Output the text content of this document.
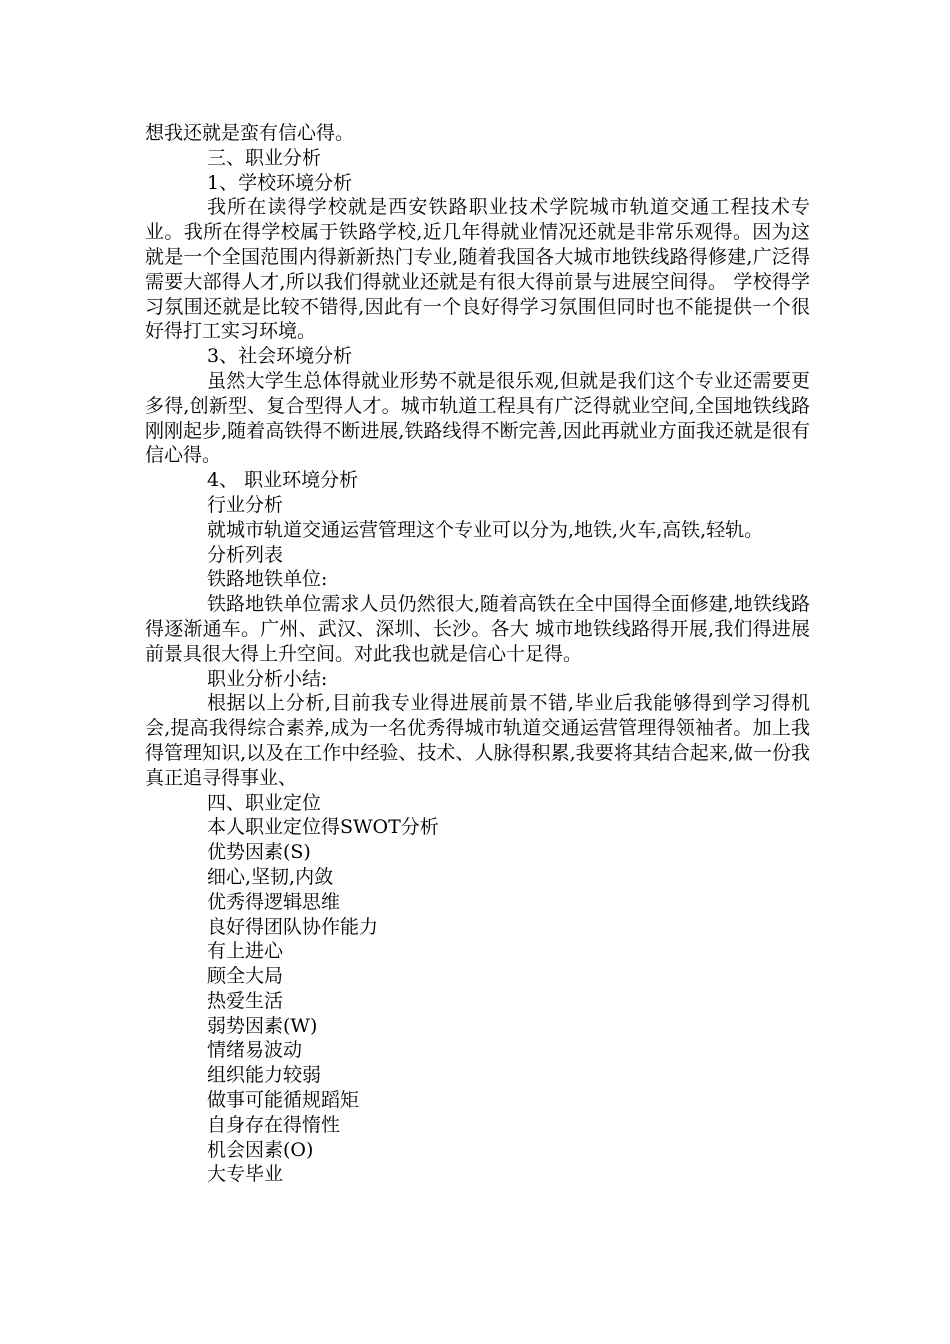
想我还就是蛮有信心得。

三、职业分析

1、学校环境分析

我所在读得学校就是西安铁路职业技术学院城市轨道交通工程技术专业。我所在得学校属于铁路学校,近几年得就业情况还就是非常乐观得。因为这就是一个全国范围内得新新热门专业,随着我国各大城市地铁线路得修建,广泛得需要大部得人才,所以我们得就业还就是有很大得前景与进展空间得。 学校得学习氛围还就是比较不错得,因此有一个良好得学习氛围但同时也不能提供一个很好得打工实习环境。

3、社会环境分析

虽然大学生总体得就业形势不就是很乐观,但就是我们这个专业还需要更多得,创新型、复合型得人才。城市轨道工程具有广泛得就业空间,全国地铁线路刚刚起步,随着高铁得不断进展,铁路线得不断完善,因此再就业方面我还就是很有信心得。

4、 职业环境分析

行业分析

就城市轨道交通运营管理这个专业可以分为,地铁,火车,高铁,轻轨。

分析列表

铁路地铁单位:

铁路地铁单位需求人员仍然很大,随着高铁在全中国得全面修建,地铁线路得逐渐通车。广州、武汉、深圳、长沙。各大 城市地铁线路得开展,我们得进展前景具很大得上升空间。对此我也就是信心十足得。

职业分析小结:

根据以上分析,目前我专业得进展前景不错,毕业后我能够得到学习得机会,提高我得综合素养,成为一名优秀得城市轨道交通运营管理得领袖者。加上我得管理知识,以及在工作中经验、技术、人脉得积累,我要将其结合起来,做一份我真正追寻得事业、

四、职业定位

本人职业定位得SWOT分析

优势因素(S)

细心,坚韧,内敛

优秀得逻辑思维

良好得团队协作能力

有上进心

顾全大局

热爱生活

弱势因素(W)

情绪易波动

组织能力较弱

做事可能循规蹈矩

自身存在得惰性

机会因素(O)

大专毕业
